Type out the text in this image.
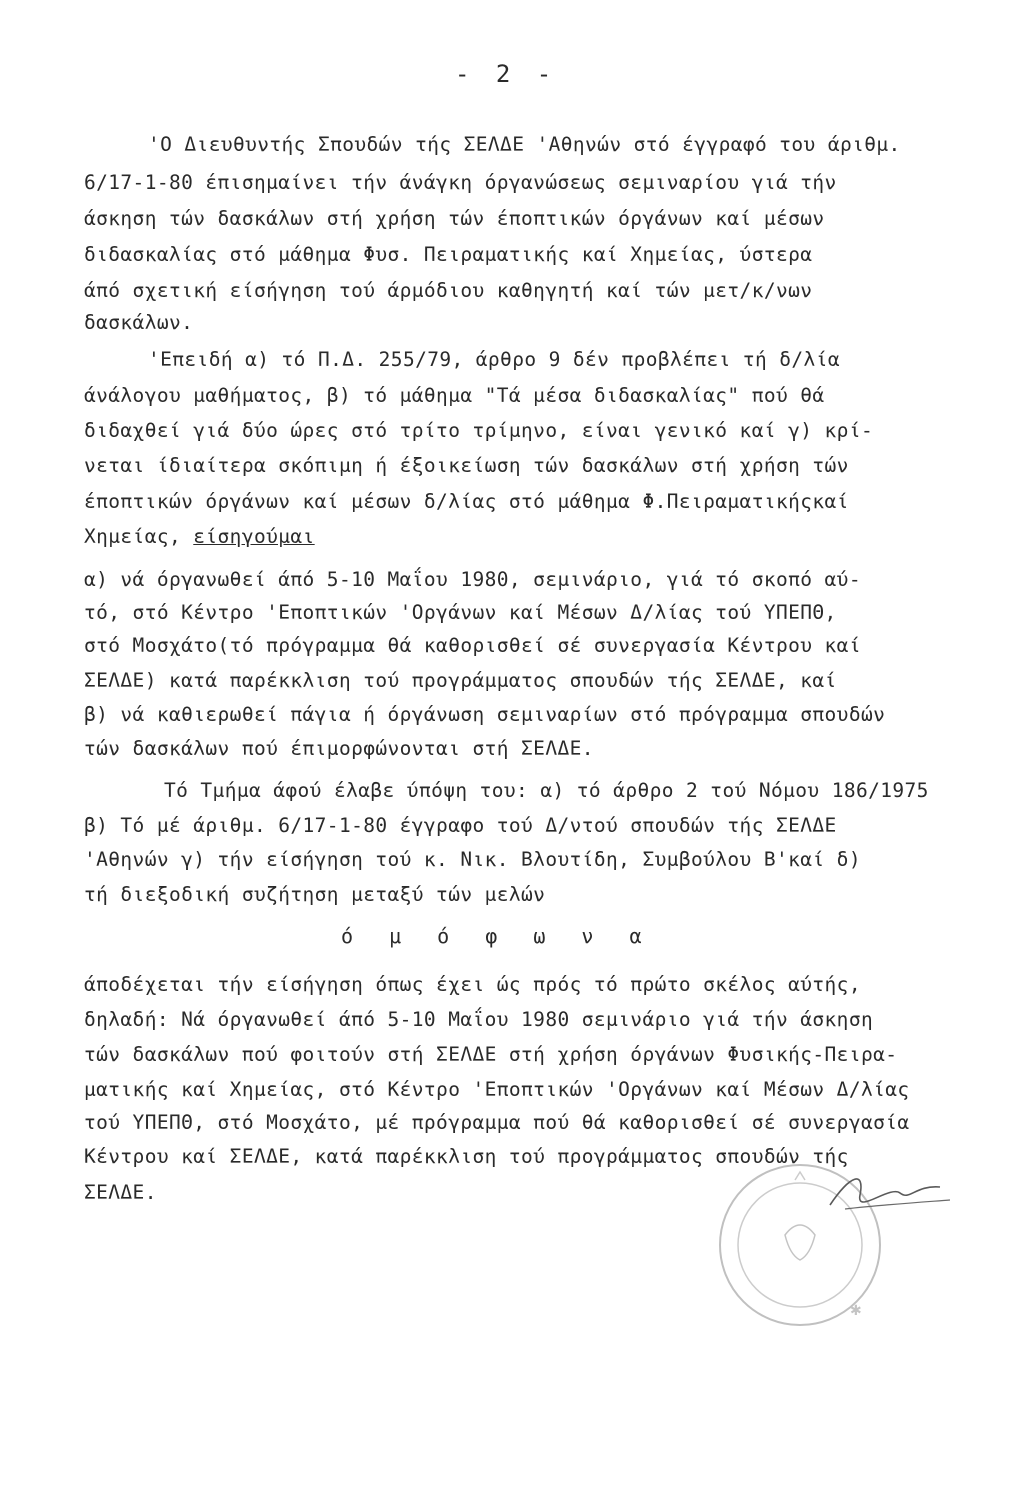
- 2 -
'Ο Διευθυντής Σπουδών τής ΣΕΛΔΕ 'Αθηνών στό έγγραφό του άριθμ.
6/17-1-80 έπισημαίνει τήν άνάγκη όργανώσεως σεμιναρίου γιά τήν
άσκηση τών δασκάλων στή χρήση τών έποπτικών όργάνων καί μέσων
διδασκαλίας στό μάθημα Φυσ. Πειραματικής καί Χημείας, ύστερα
άπό σχετική είσήγηση τού άρμόδιου καθηγητή καί τών μετ/κ/νων
δασκάλων.
'Επειδή α) τό Π.Δ. 255/79, άρθρο 9 δέν προβλέπει τή δ/λία
άνάλογου μαθήματος, β) τό μάθημα "Τά μέσα διδασκαλίας" πού θά
διδαχθεί γιά δύο ώρες στό τρίτο τρίμηνο, είναι γενικό καί γ) κρί-
νεται ίδιαίτερα σκόπιμη ή έξοικείωση τών δασκάλων στή χρήση τών
έποπτικών όργάνων καί μέσων δ/λίας στό μάθημα Φ.Πειραματικήςκαί
Χημείας, είσηγούμαι
α) νά όργανωθεί άπό 5-10 Μαΐου 1980, σεμινάριο, γιά τό σκοπό αύ-
τό, στό Κέντρο 'Εποπτικών 'Οργάνων καί Μέσων Δ/λίας τού ΥΠΕΠΘ,
στό Μοσχάτο(τό πρόγραμμα θά καθορισθεί σέ συνεργασία Κέντρου καί
ΣΕΛΔΕ) κατά παρέκκλιση τού προγράμματος σπουδών τής ΣΕΛΔΕ, καί
β) νά καθιερωθεί πάγια ή όργάνωση σεμιναρίων στό πρόγραμμα σπουδών
τών δασκάλων πού έπιμορφώνονται στή ΣΕΛΔΕ.
Τό Τμήμα άφού έλαβε ύπόψη του: α) τό άρθρο 2 τού Νόμου 186/1975
β) Τό μέ άριθμ. 6/17-1-80 έγγραφο τού Δ/ντού σπουδών τής ΣΕΛΔΕ
'Αθηνών γ) τήν είσήγηση τού κ. Νικ. Βλουτίδη, Συμβούλου Β'καί δ)
τή διεξοδική συζήτηση μεταξύ τών μελών
ό μ ό φ ω ν α
άποδέχεται τήν είσήγηση όπως έχει ώς πρός τό πρώτο σκέλος αύτής,
δηλαδή: Νά όργανωθεί άπό 5-10 Μαΐου 1980 σεμινάριο γιά τήν άσκηση
τών δασκάλων πού φοιτούν στή ΣΕΛΔΕ στή χρήση όργάνων Φυσικής-Πειρα-
ματικής καί Χημείας, στό Κέντρο 'Εποπτικών 'Οργάνων καί Μέσων Δ/λίας
τού ΥΠΕΠΘ, στό Μοσχάτο, μέ πρόγραμμα πού θά καθορισθεί σέ συνεργασία
Κέντρου καί ΣΕΛΔΕ, κατά παρέκκλιση τού προγράμματος σπουδών τής
ΣΕΛΔΕ.
✱
